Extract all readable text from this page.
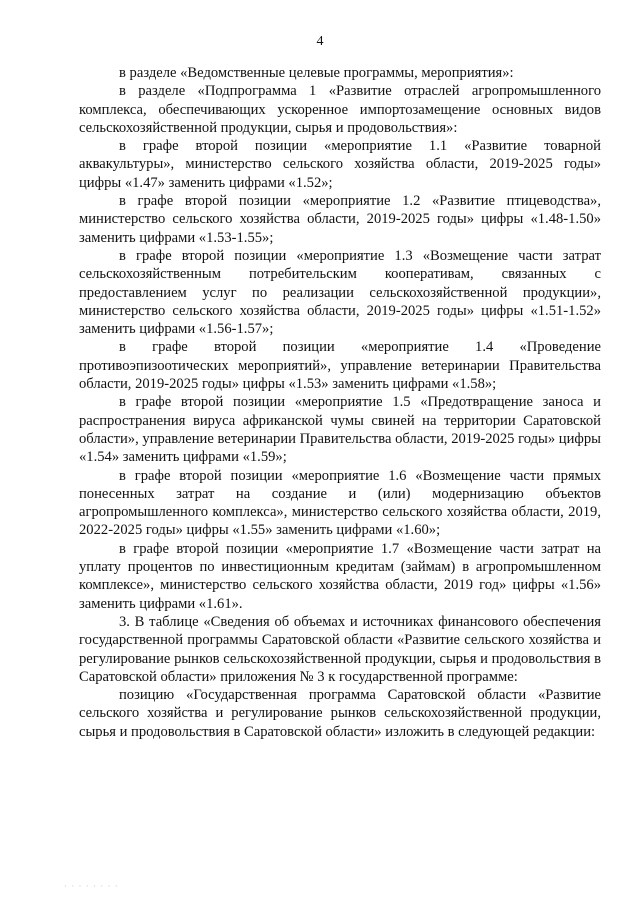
4

в разделе «Ведомственные целевые программы, мероприятия»:

в разделе «Подпрограмма 1 «Развитие отраслей агропромышленного комплекса, обеспечивающих ускоренное импортозамещение основных видов сельскохозяйственной продукции, сырья и продовольствия»:

в графе второй позиции «мероприятие 1.1 «Развитие товарной аквакультуры», министерство сельского хозяйства области, 2019-2025 годы» цифры «1.47» заменить цифрами «1.52»;

в графе второй позиции «мероприятие 1.2 «Развитие птицеводства», министерство сельского хозяйства области, 2019-2025 годы» цифры «1.48-1.50» заменить цифрами «1.53-1.55»;

в графе второй позиции «мероприятие 1.3 «Возмещение части затрат сельскохозяйственным потребительским кооперативам, связанных с предоставлением услуг по реализации сельскохозяйственной продукции», министерство сельского хозяйства области, 2019-2025 годы» цифры «1.51-1.52» заменить цифрами «1.56-1.57»;

в графе второй позиции «мероприятие 1.4 «Проведение противоэпизоотических мероприятий», управление ветеринарии Правительства области, 2019-2025 годы» цифры «1.53» заменить цифрами «1.58»;

в графе второй позиции «мероприятие 1.5 «Предотвращение заноса и распространения вируса африканской чумы свиней на территории Саратовской области», управление ветеринарии Правительства области, 2019-2025 годы» цифры «1.54» заменить цифрами «1.59»;

в графе второй позиции «мероприятие 1.6 «Возмещение части прямых понесенных затрат на создание и (или) модернизацию объектов агропромышленного комплекса», министерство сельского хозяйства области, 2019, 2022-2025 годы» цифры «1.55» заменить цифрами «1.60»;

в графе второй позиции «мероприятие 1.7 «Возмещение части затрат на уплату процентов по инвестиционным кредитам (займам) в агропромышленном комплексе», министерство сельского хозяйства области, 2019 год» цифры «1.56» заменить цифрами «1.61».

3. В таблице «Сведения об объемах и источниках финансового обеспечения государственной программы Саратовской области «Развитие сельского хозяйства и регулирование рынков сельскохозяйственной продукции, сырья и продовольствия в Саратовской области» приложения № 3 к государственной программе:

позицию «Государственная программа Саратовской области «Развитие сельского хозяйства и регулирование рынков сельскохозяйственной продукции, сырья и продовольствия в Саратовской области» изложить в следующей редакции:

· · · · · · · ·
